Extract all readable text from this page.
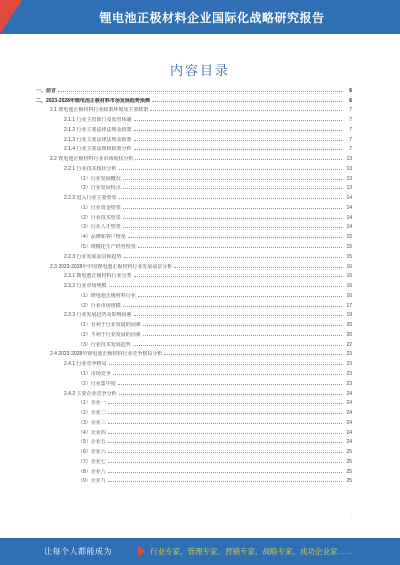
锂电池正极材料企业国际化战略研究报告
内容目录
一、前言	6
二、2023-2028年锂电池正极材料市场发展趋势预测	6
2.1 锂电池正极材料行业政策环境及主要政策	7
2.1.1 行业主管部门及监管体制	7
2.1.2 行业主要法律法规及政策	7
2.1.3 行业主要法律法规及政策	7
2.1.4 行业主要法规和政策分析	7
2.2 锂电池正极材料行业市场现状分析	13
2.2.1 行业技术现状分析	13
（1）行业发展概况	13
（2）行业发展特点	13
2.2.2 进入行业主要壁垒	14
（1）行业资金壁垒	14
（2）行业技术壁垒	14
（3）行业人才壁垒	14
（4）品牌和客户壁垒	15
（5）规模化生产经营壁垒	15
2.2.3 行业发展前景和趋势	15
2.3 2023-2028年中国锂电池正极材料行业发展前景分析	16
2.3.1 锂电池正极材料行业分类	16
2.3.2 行业市场规模	16
（1）锂电池正极材料行业	16
（2）行业市场规模	17
2.3.3 行业发展趋势及影响因素	19
（1）有利于行业发展的因素	20
（2）不利于行业发展的因素	20
（3）行业技术发展趋势	22
2.4 2023-2028年锂电池正极材料行业竞争格局分析	23
2.4.1 行业竞争格局	23
（1）市场竞争	23
（2）行业集中度	23
2.4.2 主要企业竞争分析	24
（1）企业一	24
（2）企业二	24
（3）企业三	24
（4）企业四	24
（5）企业五	24
（6）企业六	25
（7）企业七	25
（8）企业八	25
（9）企业九	25
·
让每个人都能成为	行业专家、管理专家、营销专家、战略专家、成功企业家……
